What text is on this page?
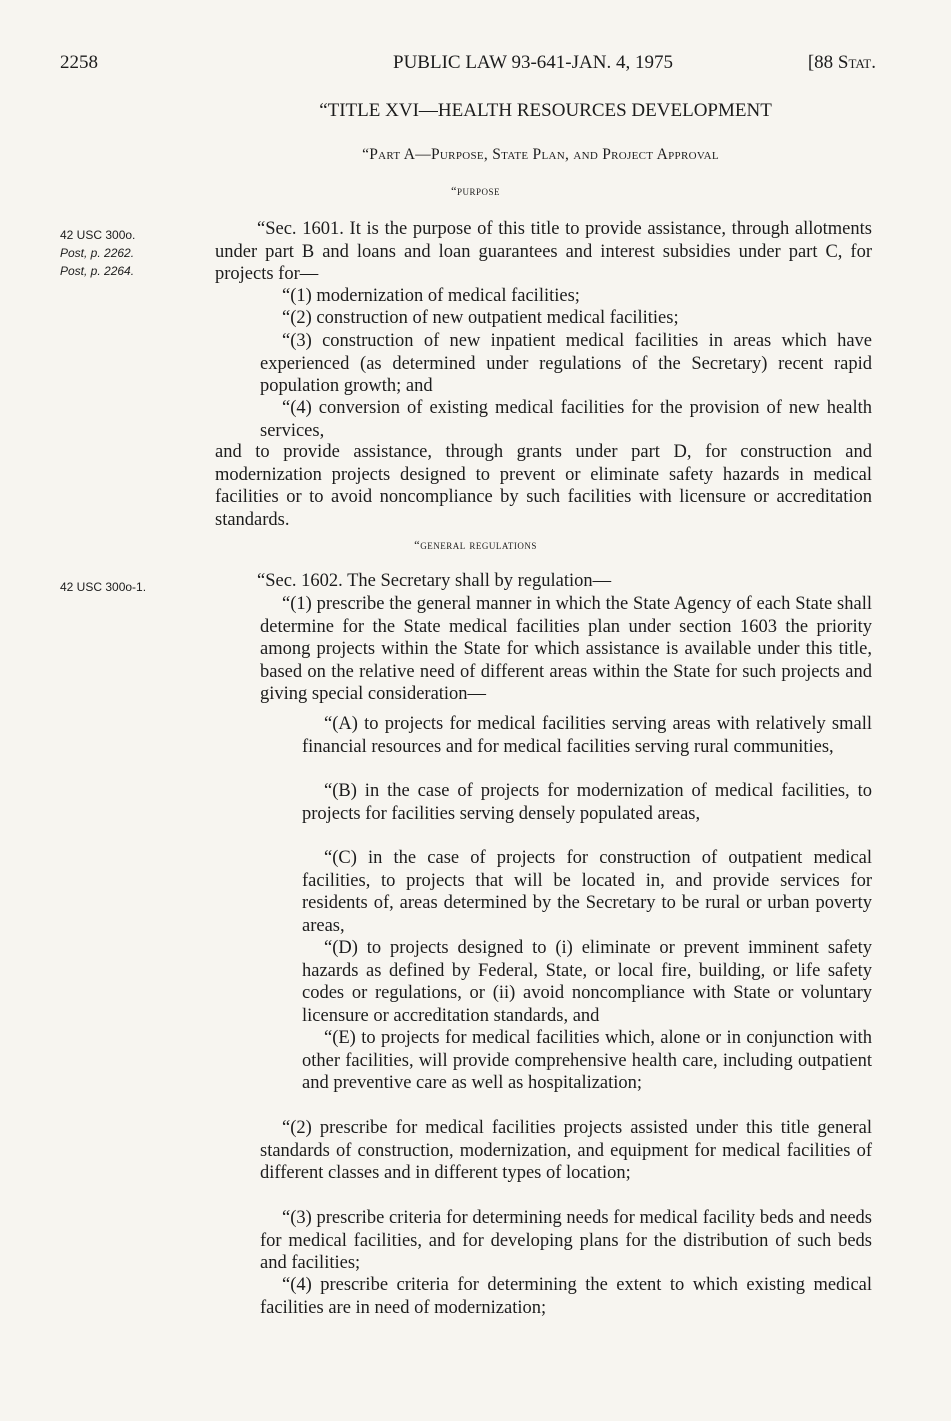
2258	PUBLIC LAW 93-641-JAN. 4, 1975	[88 Stat.
“TITLE XVI—HEALTH RESOURCES DEVELOPMENT
“Part A—Purpose, State Plan, and Project Approval
“purpose
42 USC 300o.
Post, p. 2262.
Post, p. 2264.

“Sec. 1601. It is the purpose of this title to provide assistance, through allotments under part B and loans and loan guarantees and interest subsidies under part C, for projects for—

“(1) modernization of medical facilities;

“(2) construction of new outpatient medical facilities;

“(3) construction of new inpatient medical facilities in areas which have experienced (as determined under regulations of the Secretary) recent rapid population growth; and

“(4) conversion of existing medical facilities for the provision of new health services,

and to provide assistance, through grants under part D, for construction and modernization projects designed to prevent or eliminate safety hazards in medical facilities or to avoid noncompliance by such facilities with licensure or accreditation standards.

“general regulations
42 USC 300o-1.	“Sec. 1602. The Secretary shall by regulation—

“(1) prescribe the general manner in which the State Agency of each State shall determine for the State medical facilities plan under section 1603 the priority among projects within the State for which assistance is available under this title, based on the relative need of different areas within the State for such projects and giving special consideration—

“(A) to projects for medical facilities serving areas with relatively small financial resources and for medical facilities serving rural communities,

“(B) in the case of projects for modernization of medical facilities, to projects for facilities serving densely populated areas,

“(C) in the case of projects for construction of outpatient medical facilities, to projects that will be located in, and provide services for residents of, areas determined by the Secretary to be rural or urban poverty areas,

“(D) to projects designed to (i) eliminate or prevent imminent safety hazards as defined by Federal, State, or local fire, building, or life safety codes or regulations, or (ii) avoid noncompliance with State or voluntary licensure or accreditation standards, and

“(E) to projects for medical facilities which, alone or in conjunction with other facilities, will provide comprehensive health care, including outpatient and preventive care as well as hospitalization;

“(2) prescribe for medical facilities projects assisted under this title general standards of construction, modernization, and equipment for medical facilities of different classes and in different types of location;

“(3) prescribe criteria for determining needs for medical facility beds and needs for medical facilities, and for developing plans for the distribution of such beds and facilities;

“(4) prescribe criteria for determining the extent to which existing medical facilities are in need of modernization;
